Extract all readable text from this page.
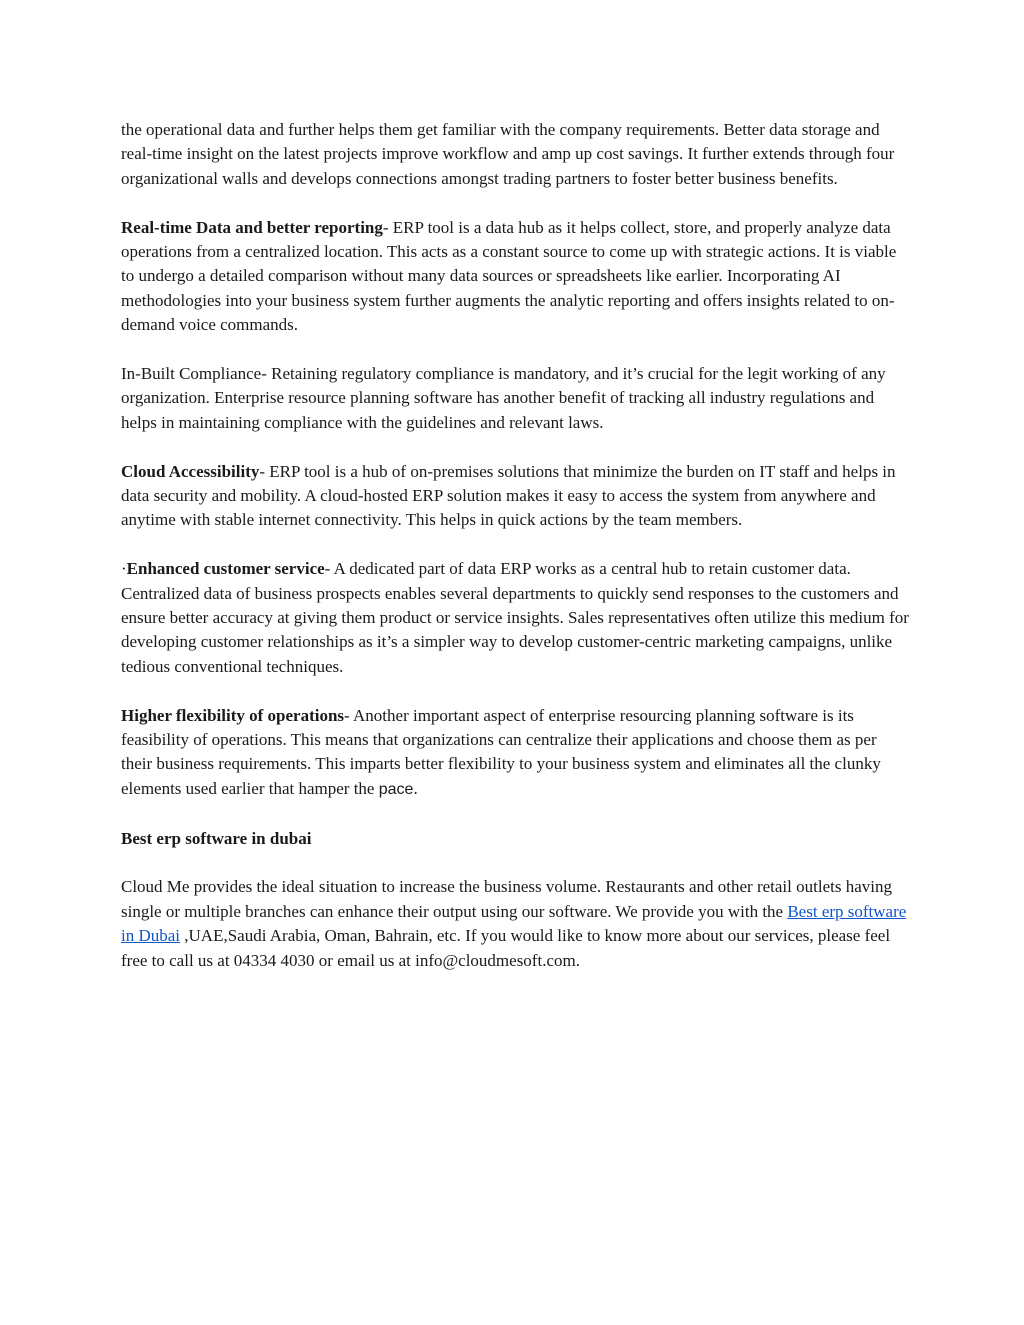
the operational data and further helps them get familiar with the company requirements. Better data storage and real-time insight on the latest projects improve workflow and amp up cost savings. It further extends through four organizational walls and develops connections amongst trading partners to foster better business benefits.

Real-time Data and better reporting- ERP tool is a data hub as it helps collect, store, and properly analyze data operations from a centralized location. This acts as a constant source to come up with strategic actions. It is viable to undergo a detailed comparison without many data sources or spreadsheets like earlier. Incorporating AI methodologies into your business system further augments the analytic reporting and offers insights related to on-demand voice commands.

In-Built Compliance- Retaining regulatory compliance is mandatory, and it’s crucial for the legit working of any organization. Enterprise resource planning software has another benefit of tracking all industry regulations and helps in maintaining compliance with the guidelines and relevant laws.

Cloud Accessibility- ERP tool is a hub of on-premises solutions that minimize the burden on IT staff and helps in data security and mobility. A cloud-hosted ERP solution makes it easy to access the system from anywhere and anytime with stable internet connectivity. This helps in quick actions by the team members.

·Enhanced customer service- A dedicated part of data ERP works as a central hub to retain customer data. Centralized data of business prospects enables several departments to quickly send responses to the customers and ensure better accuracy at giving them product or service insights. Sales representatives often utilize this medium for developing customer relationships as it’s a simpler way to develop customer-centric marketing campaigns, unlike tedious conventional techniques.

Higher flexibility of operations- Another important aspect of enterprise resourcing planning software is its feasibility of operations. This means that organizations can centralize their applications and choose them as per their business requirements. This imparts better flexibility to your business system and eliminates all the clunky elements used earlier that hamper the pace.

Best erp software in dubai

Cloud Me provides the ideal situation to increase the business volume. Restaurants and other retail outlets having single or multiple branches can enhance their output using our software. We provide you with the Best erp software in Dubai ,UAE,Saudi Arabia, Oman, Bahrain, etc. If you would like to know more about our services, please feel free to call us at 04334 4030 or email us at info@cloudmesoft.com.
